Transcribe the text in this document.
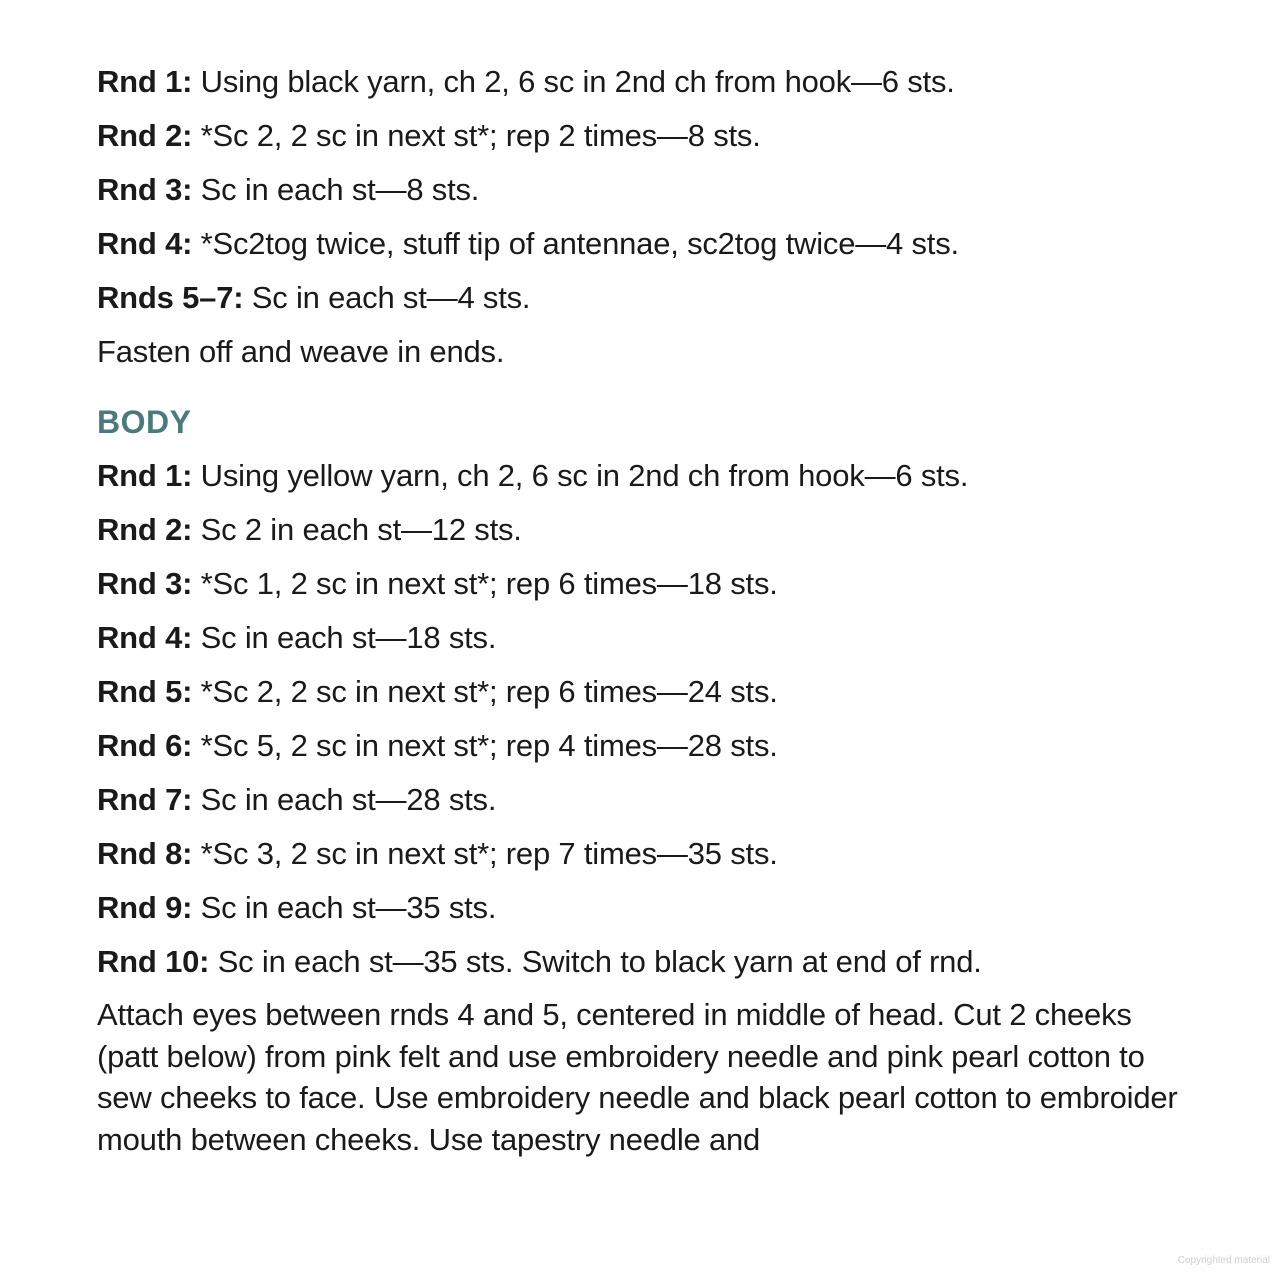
Rnd 1: Using black yarn, ch 2, 6 sc in 2nd ch from hook—6 sts.
Rnd 2: *Sc 2, 2 sc in next st*; rep 2 times—8 sts.
Rnd 3: Sc in each st—8 sts.
Rnd 4: *Sc2tog twice, stuff tip of antennae, sc2tog twice—4 sts.
Rnds 5–7: Sc in each st—4 sts.
Fasten off and weave in ends.
BODY
Rnd 1: Using yellow yarn, ch 2, 6 sc in 2nd ch from hook—6 sts.
Rnd 2: Sc 2 in each st—12 sts.
Rnd 3: *Sc 1, 2 sc in next st*; rep 6 times—18 sts.
Rnd 4: Sc in each st—18 sts.
Rnd 5: *Sc 2, 2 sc in next st*; rep 6 times—24 sts.
Rnd 6: *Sc 5, 2 sc in next st*; rep 4 times—28 sts.
Rnd 7: Sc in each st—28 sts.
Rnd 8: *Sc 3, 2 sc in next st*; rep 7 times—35 sts.
Rnd 9: Sc in each st—35 sts.
Rnd 10: Sc in each st—35 sts. Switch to black yarn at end of rnd.

Attach eyes between rnds 4 and 5, centered in middle of head. Cut 2 cheeks (patt below) from pink felt and use embroidery needle and pink pearl cotton to sew cheeks to face. Use embroidery needle and black pearl cotton to embroider mouth between cheeks. Use tapestry needle and

Copyrighted material
